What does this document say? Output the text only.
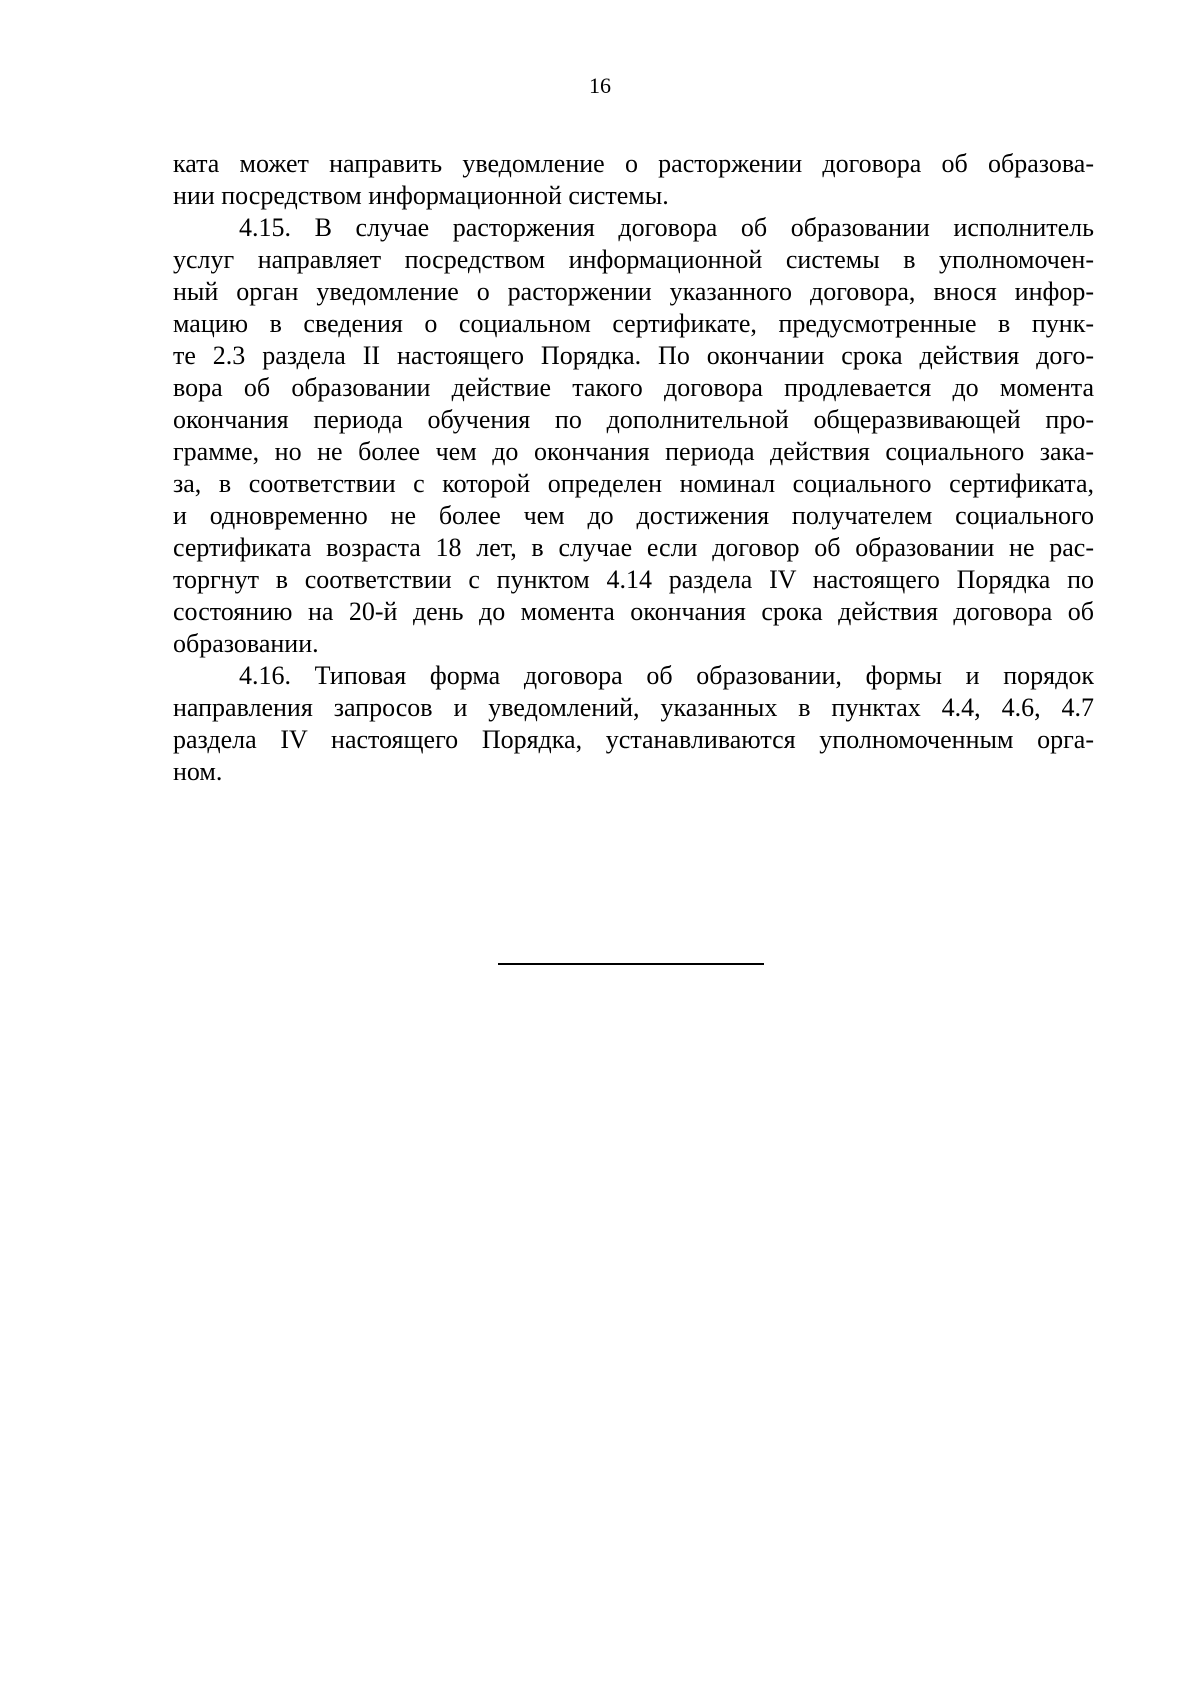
16

ката может направить уведомление о расторжении договора об образова-
нии посредством информационной системы.

4.15. В случае расторжения договора об образовании исполнитель
услуг направляет посредством информационной системы в уполномочен-
ный орган уведомление о расторжении указанного договора, внося инфор-
мацию в сведения о социальном сертификате, предусмотренные в пунк-
те 2.3 раздела II настоящего Порядка. По окончании срока действия дого-
вора об образовании действие такого договора продлевается до момента
окончания периода обучения по дополнительной общеразвивающей про-
грамме, но не более чем до окончания периода действия социального зака-
за, в соответствии с которой определен номинал социального сертификата,
и одновременно не более чем до достижения получателем социального
сертификата возраста 18 лет, в случае если договор об образовании не рас-
торгнут в соответствии с пунктом 4.14 раздела IV настоящего Порядка по
состоянию на 20-й день до момента окончания срока действия договора об
образовании.

4.16. Типовая форма договора об образовании, формы и порядок
направления запросов и уведомлений, указанных в пунктах 4.4, 4.6, 4.7
раздела IV настоящего Порядка, устанавливаются уполномоченным орга-
ном.
